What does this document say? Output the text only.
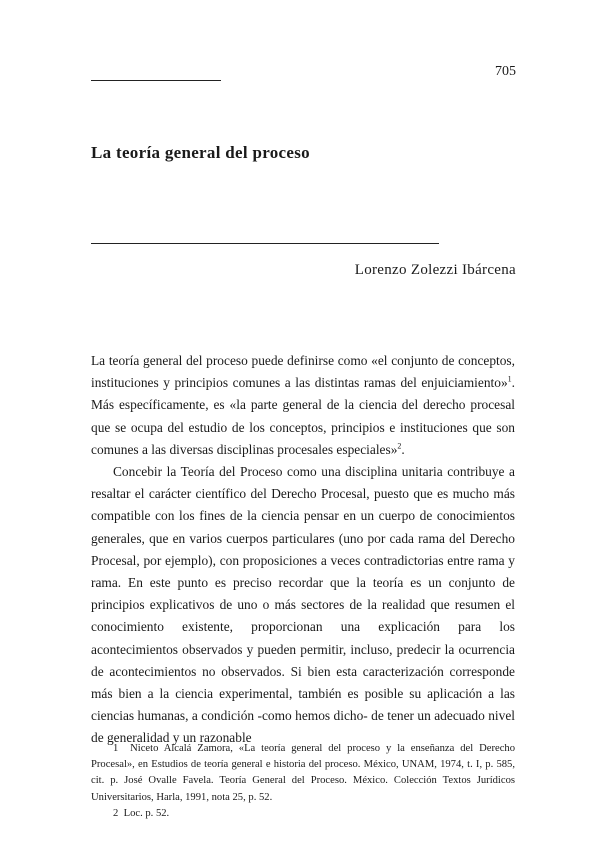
705
La teoría general del proceso
Lorenzo Zolezzi Ibárcena

La teoría general del proceso puede definirse como «el conjunto de conceptos, instituciones y principios comunes a las distintas ramas del enjuiciamiento»$^1$. Más específicamente, es «la parte general de la ciencia del derecho procesal que se ocupa del estudio de los conceptos, principios e instituciones que son comunes a las diversas disciplinas procesales especiales»$^2$.

Concebir la Teoría del Proceso como una disciplina unitaria contribuye a resaltar el carácter científico del Derecho Procesal, puesto que es mucho más compatible con los fines de la ciencia pensar en un cuerpo de conocimientos generales, que en varios cuerpos particulares (uno por cada rama del Derecho Procesal, por ejemplo), con proposiciones a veces contradictorias entre rama y rama. En este punto es preciso recordar que la teoría es un conjunto de principios explicativos de uno o más sectores de la realidad que resumen el conocimiento existente, proporcionan una explicación para los acontecimientos observados y pueden permitir, incluso, predecir la ocurrencia de acontecimientos no observados. Si bien esta caracterización corresponde más bien a la ciencia experimental, también es posible su aplicación a las ciencias humanas, a condición -como hemos dicho- de tener un adecuado nivel de generalidad y un razonable

1 Niceto Alcalá Zamora, «La teoría general del proceso y la enseñanza del Derecho Procesal», en Estudios de teoría general e historia del proceso. México, UNAM, 1974, t. I, p. 585, cit. p. José Ovalle Favela. Teoría General del Proceso. México. Colección Textos Jurídicos Universitarios, Harla, 1991, nota 25, p. 52.

2 Loc. p. 52.
